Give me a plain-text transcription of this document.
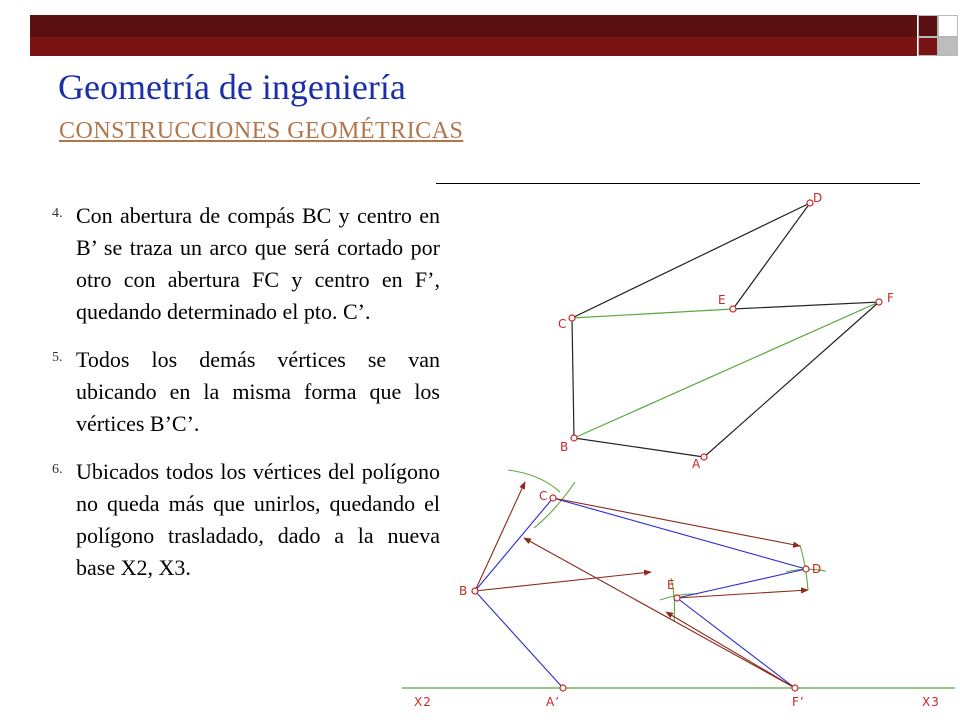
Geometría de ingeniería
CONSTRUCCIONES GEOMÉTRICAS
4. Con abertura de compás BC y centro en B’ se traza un arco que será cortado por otro con abertura FC y centro en F’, quedando determinado el pto. C’.

5. Todos los demás vértices se van ubicando en la misma forma que los vértices B’C’.

6. Ubicados todos los vértices del polígono no queda más que unirlos, quedando el polígono trasladado, dado a la nueva base X2, X3.

D
E	F
C
B
A
C
D
E
B
X2	A’	F’	X3
